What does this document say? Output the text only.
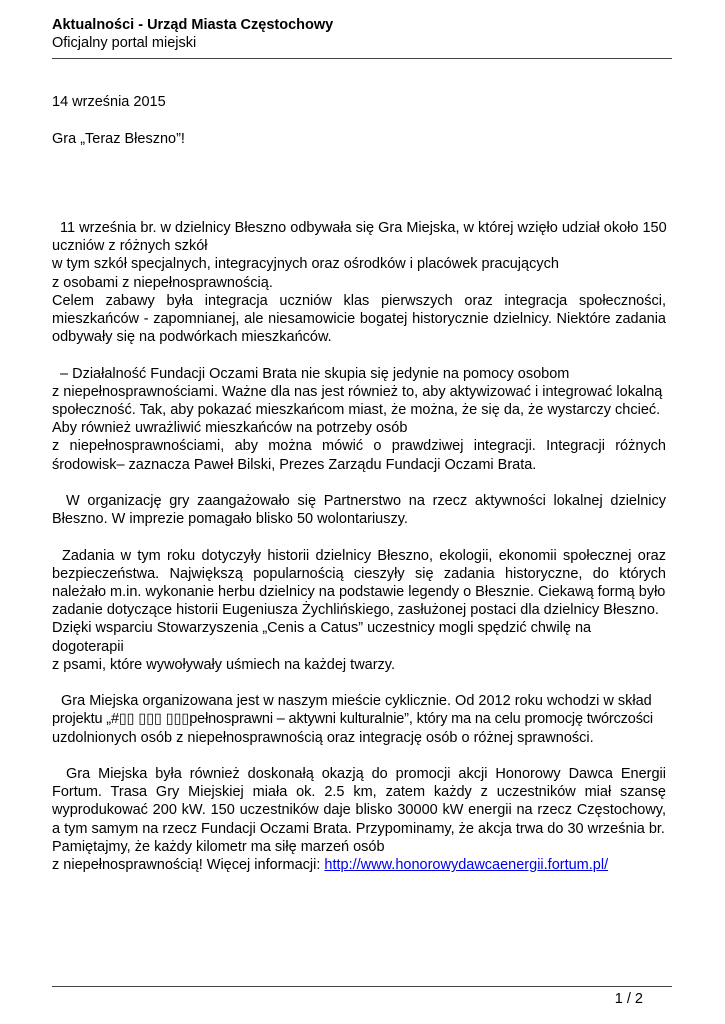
Aktualności - Urząd Miasta Częstochowy
Oficjalny portal miejski
14 września 2015
Gra „Teraz Błeszno”!
11 września br. w dzielnicy Błeszno odbywała się Gra Miejska, w której wzięło udział około 150
uczniów z różnych szkół
w tym szkół specjalnych, integracyjnych oraz ośrodków i placówek pracujących
z osobami z niepełnosprawnością.
Celem zabawy była integracja uczniów klas pierwszych oraz integracja społeczności,
mieszkańców - zapomnianej, ale niesamowicie bogatej historycznie dzielnicy. Niektóre zadania
odbywały się na podwórkach mieszkańców.
– Działalność Fundacji Oczami Brata nie skupia się jedynie na pomocy osobom
z niepełnosprawnościami. Ważne dla nas jest również to, aby aktywizować i integrować lokalną
społeczność. Tak, aby pokazać mieszkańcom miast, że można, że się da, że wystarczy chcieć.
Aby również uwrażliwić mieszkańców na potrzeby osób
z niepełnosprawnościami, aby można mówić o prawdziwej integracji. Integracji różnych
środowisk– zaznacza Paweł Bilski, Prezes Zarządu Fundacji Oczami Brata.
W organizację gry zaangażowało się Partnerstwo na rzecz aktywności lokalnej dzielnicy
Błeszno. W imprezie pomagało blisko 50 wolontariuszy.
Zadania w tym roku dotyczyły historii dzielnicy Błeszno, ekologii, ekonomii społecznej oraz
bezpieczeństwa. Największą popularnością cieszyły się zadania historyczne, do których
należało m.in. wykonanie herbu dzielnicy na podstawie legendy o Błesznie. Ciekawą formą było
zadanie dotyczące historii Eugeniusza Żychlińskiego, zasłużonej postaci dla dzielnicy Błeszno.
Dzięki wsparciu Stowarzyszenia „Cenis a Catus” uczestnicy mogli spędzić chwilę na dogoterapii
z psami, które wywoływały uśmiech na każdej twarzy.
Gra Miejska organizowana jest w naszym mieście cyklicznie. Od 2012 roku wchodzi w skład
projektu „#▯▯ ▯▯▯ ▯▯▯pełnosprawni – aktywni kulturalnie”, który ma na celu promocję twórczości
uzdolnionych osób z niepełnosprawnością oraz integrację osób o różnej sprawności.
Gra Miejska była również doskonałą okazją do promocji akcji Honorowy Dawca Energii
Fortum. Trasa Gry Miejskiej miała ok. 2.5 km, zatem każdy z uczestników miał szansę
wyprodukować 200 kW. 150 uczestników daje blisko 30000 kW energii na rzecz Częstochowy,
a tym samym na rzecz Fundacji Oczami Brata. Przypominamy, że akcja trwa do 30 września br.
Pamiętajmy, że każdy kilometr ma siłę marzeń osób
z niepełnosprawnością! Więcej informacji: http://www.honorowydawcaenergii.fortum.pl/
1 / 2
